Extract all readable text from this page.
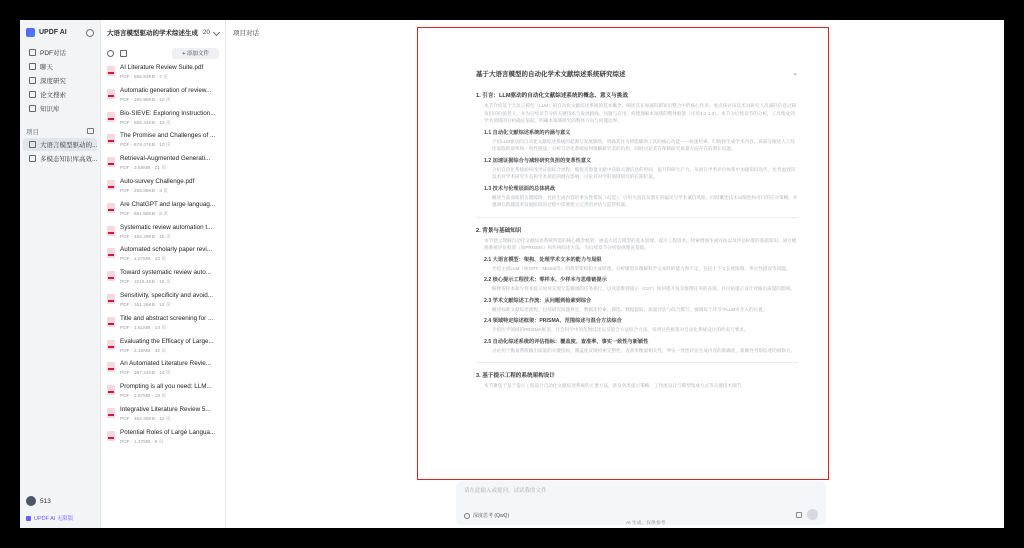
UPDF AI
PDF对话
聊天
深度研究
论文搜索
知识库
项目
大语言模型驱动的...
多模态知识库高效...
513
UPDF AI 无限版
大语言模型驱动的学术综述生成 20
+ 添加文件
AI Literature Review Suite.pdf
PDF · 555.93KB · 7 页
Automatic generation of review...
PDF · 395.99KB · 10 页
Bio-SIEVE: Exploring Instruction...
PDF · 565.44KB · 13 页
The Promise and Challenges of ...
PDF · 678.47KB · 10 页
Retrieval-Augmented Generati...
PDF · 3.59MB · 21 页
Auto-survey Challenge.pdf
PDF · 295.89KB · 3 页
Are ChatGPT and large languag...
PDF · 851.58KB · 8 页
Systematic review automation t...
PDF · 484.29KB · 15 页
Automated scholarly paper revi...
PDF · 1.07MB · 33 页
Toward systematic review auto...
PDF · 1016.4KB · 16 页
Sensitivity, specificity and avoid...
PDF · 161.26KB · 15 页
Title and abstract screening for ...
PDF · 1.61MB · 14 页
Evaluating the Efficacy of Large...
PDF · 2.15MB · 32 页
An Automated Literature Revie...
PDF · 387.24KB · 14 页
Prompting is all you need: LLM...
PDF · 2.57MB · 18 页
Integrative Literature Review 5...
PDF · 462.45KB · 12 页
Potential Roles of Large Langua...
PDF · 1.37MB · 9 页
项目对话
基于大语言模型的自动化学术文献综述系统研究综述	⌄
1. 引言：LLM驱动的自动化文献综述系统的概念、意义与挑战
本节介绍基于大语言模型（LLM）的自动化文献综述系统的基本概念，阐述其在加速科研知识整合中的核心作用。重点探讨该技术对研究人员减轻信息过载负担的价值意义，并为后续章节分析关键技术与发展路线、问题与应用，构建理解本领域的整体框架（详见1.1-1.3）。本节为后续章节的分析，工具集成到学术领域的分析确定依据，明确本领域研究的整体方向与问题边界。
1.1 自动化文献综述系统的内涵与意义
介绍LLM驱动的自动化文献综述系统的起源与发展脉络，明确其作为智能辅助工具的核心功能——快速检索、归纳和生成学术内容。该部分阐述人工综述面临的效率和一致性挑战，分析自动化系统如何缓解研究者的负担，同时讨论其在保障研究质量方面存在的潜在问题。
1.2 加速证据综合与减轻研究负担的变革性意义
分析自动化系统如何改进证据综合流程，缩短从海量文献中获取关键信息的时间，提升科研生产力。从而在学术评价体系中加速知识迭代，也考虑到该技术对学术研究生态和学术规范的潜在影响，讨论其对学科领域研究的长期价值。
1.3 技术与伦理层面的总体挑战
概述当前面临的关键障碍，包括生成内容的事实性错误（幻觉）、引用失真以及潜在的偏见与学术诚信风险。同时概述技术局限性和可行的应对策略，并强调在跨越技术发展阶段的过程中需要建立完善的评估与监管机制。
2. 背景与基础知识
本节建立理解自动化文献综述系统所需的核心概念框架，涵盖大语言模型的基本原理、提示工程技术、检索增强生成方法以及评估标准的基础知识。通过梳理系统评价框架（如PRISMA）和传统综述方法，为后续章节分析提供理论基础。
2.1 大语言模型：架构、处理学术文本的能力与局限
介绍主流LLM（如GPT、Mistral等）的典型架构和生成原理，分析模型在理解科学文本时的能力和不足，包括上下文长度限制、事实性错误等问题。
2.2 核心提示工程技术：零样本、少样本与思维链提示
解释零样本和少样本提示如何实现无需微调的任务执行，以及思维链提示（CoT）如何提升复杂推理任务的表现，并讨论提示设计对输出质量的影响。
2.3 学术文献综述工作流：从问题到检索到综合
概述标准文献综述流程，包括研究问题界定、数据库检索、筛选、数据提取、质量评估与综合撰写，强调每个环节中LLM可介入的位置。
2.4 领域特定综述框架：PRISMA、范围综述与混合方法综合
介绍医学领域的PRISMA框架、社会科学中的范围综述以及混合方法综合方法，说明这些框架对自动化系统设计的约束与要求。
2.5 自动化综述系统的评估指标：覆盖度、查准率、事实一致性与新颖性
讨论用于衡量系统输出质量的关键指标，覆盖度反映检索完整性，查准率衡量相关性，事实一致性评估生成内容的准确度，新颖性考察综述的洞察力。
3. 基于提示工程的系统架构设计
本节聚焦于基于提示工程设计自动化文献综述系统的主要方法，涉及各类提示策略、工作流设计与模型集成方式等关键技术细节。
请在此输入或提问。试试我的文件
深度思考 (QwQ)
AI 生成，仅供参考
